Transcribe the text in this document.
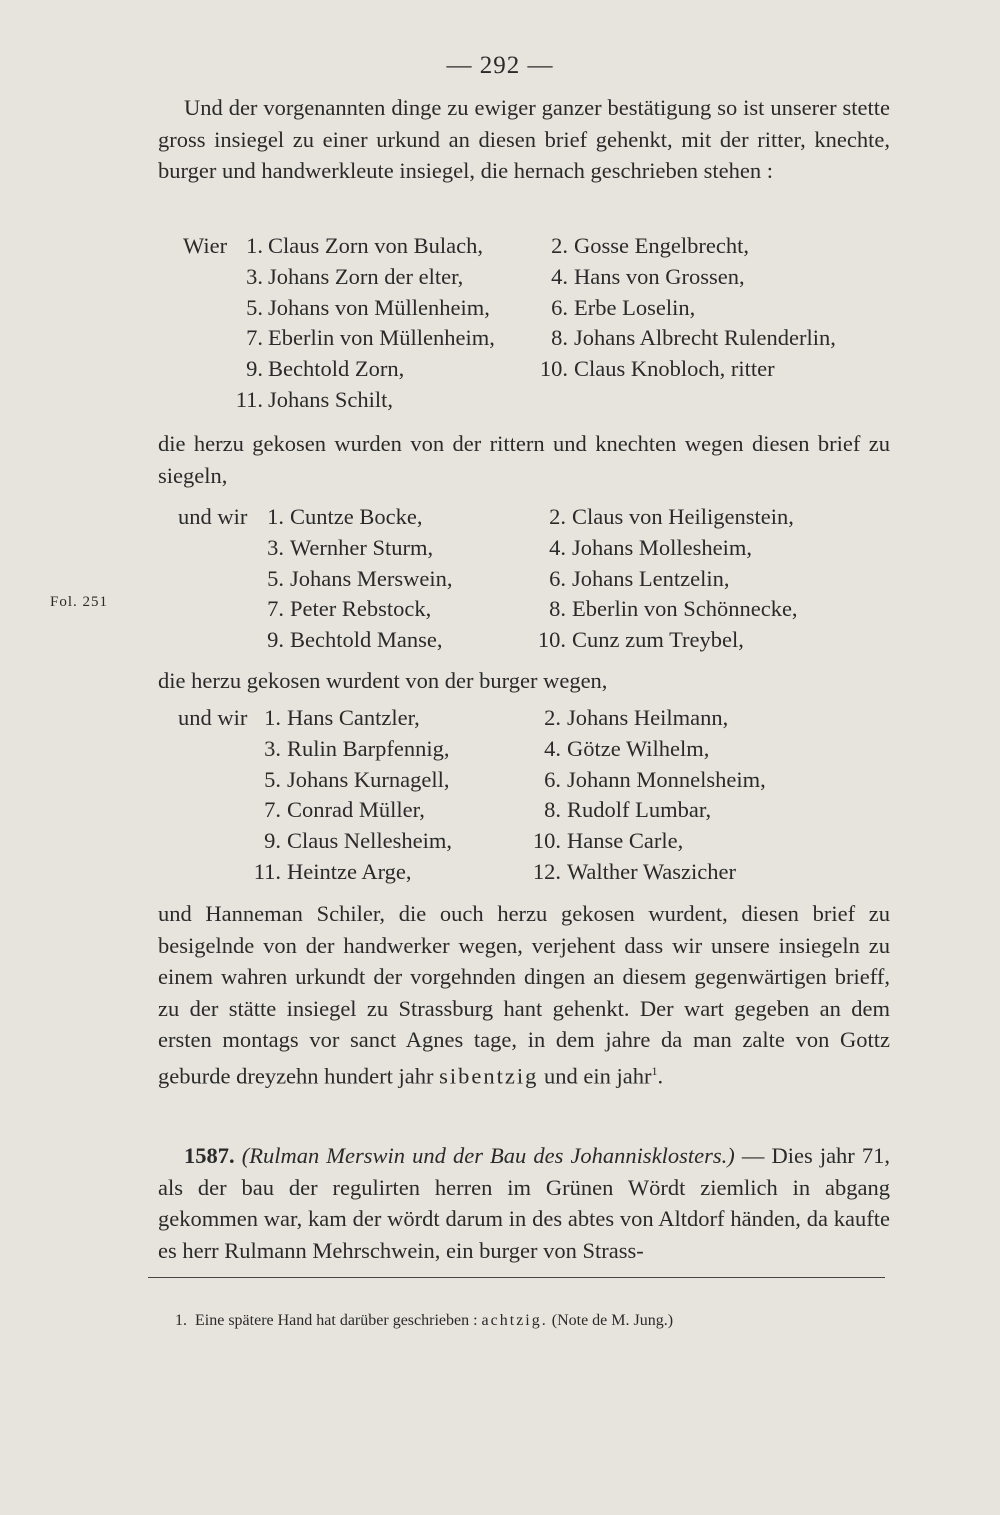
— 292 —

Und der vorgenannten dinge zu ewiger ganzer bestätigung so ist unserer stette gross insiegel zu einer urkund an diesen brief gehenkt, mit der ritter, knechte, burger und handwerkleute insiegel, die hernach geschrieben stehen :

Wier 1. Claus Zorn von Bulach,	2. Gosse Engelbrecht,
3. Johans Zorn der elter,	4. Hans von Grossen,
5. Johans von Müllenheim,	6. Erbe Loselin,
7. Eberlin von Müllenheim,	8. Johans Albrecht Rulenderlin,
9. Bechtold Zorn,	10. Claus Knobloch, ritter
11. Johans Schilt,

die herzu gekosen wurden von der rittern und knechten wegen diesen brief zu siegeln,

und wir 1. Cuntze Bocke,	2. Claus von Heiligenstein,
3. Wernher Sturm,	4. Johans Mollesheim,
5. Johans Merswein,	6. Johans Lentzelin,
7. Peter Rebstock,	8. Eberlin von Schönnecke,
9. Bechtold Manse,	10. Cunz zum Treybel,

die herzu gekosen wurdent von der burger wegen,

und wir 1. Hans Cantzler,	2. Johans Heilmann,
3. Rulin Barpfennig,	4. Götze Wilhelm,
5. Johans Kurnagell,	6. Johann Monnelsheim,
7. Conrad Müller,	8. Rudolf Lumbar,
9. Claus Nellesheim,	10. Hanse Carle,
11. Heintze Arge,	12. Walther Waszicher
Fol. 251

und Hanneman Schiler, die ouch herzu gekosen wurdent, diesen brief zu besigelnde von der handwerker wegen, verjehent dass wir unsere insiegeln zu einem wahren urkundt der vorgehnden dingen an diesem gegenwärtigen brieff, zu der stätte insiegel zu Strassburg hant gehenkt. Der wart gegeben an dem ersten montags vor sanct Agnes tage, in dem jahre da man zalte von Gottz geburde dreyzehn hundert jahr sibentzig und ein jahr$^1$.

1587. (Rulman Merswin und der Bau des Johannisklosters.) — Dies jahr 71, als der bau der regulirten herren im Grünen Wördt ziemlich in abgang gekommen war, kam der wördt darum in des abtes von Altdorf händen, da kaufte es herr Rulmann Mehrschwein, ein burger von Strass-

1. Eine spätere Hand hat darüber geschrieben : achtzig. (Note de M. Jung.)
